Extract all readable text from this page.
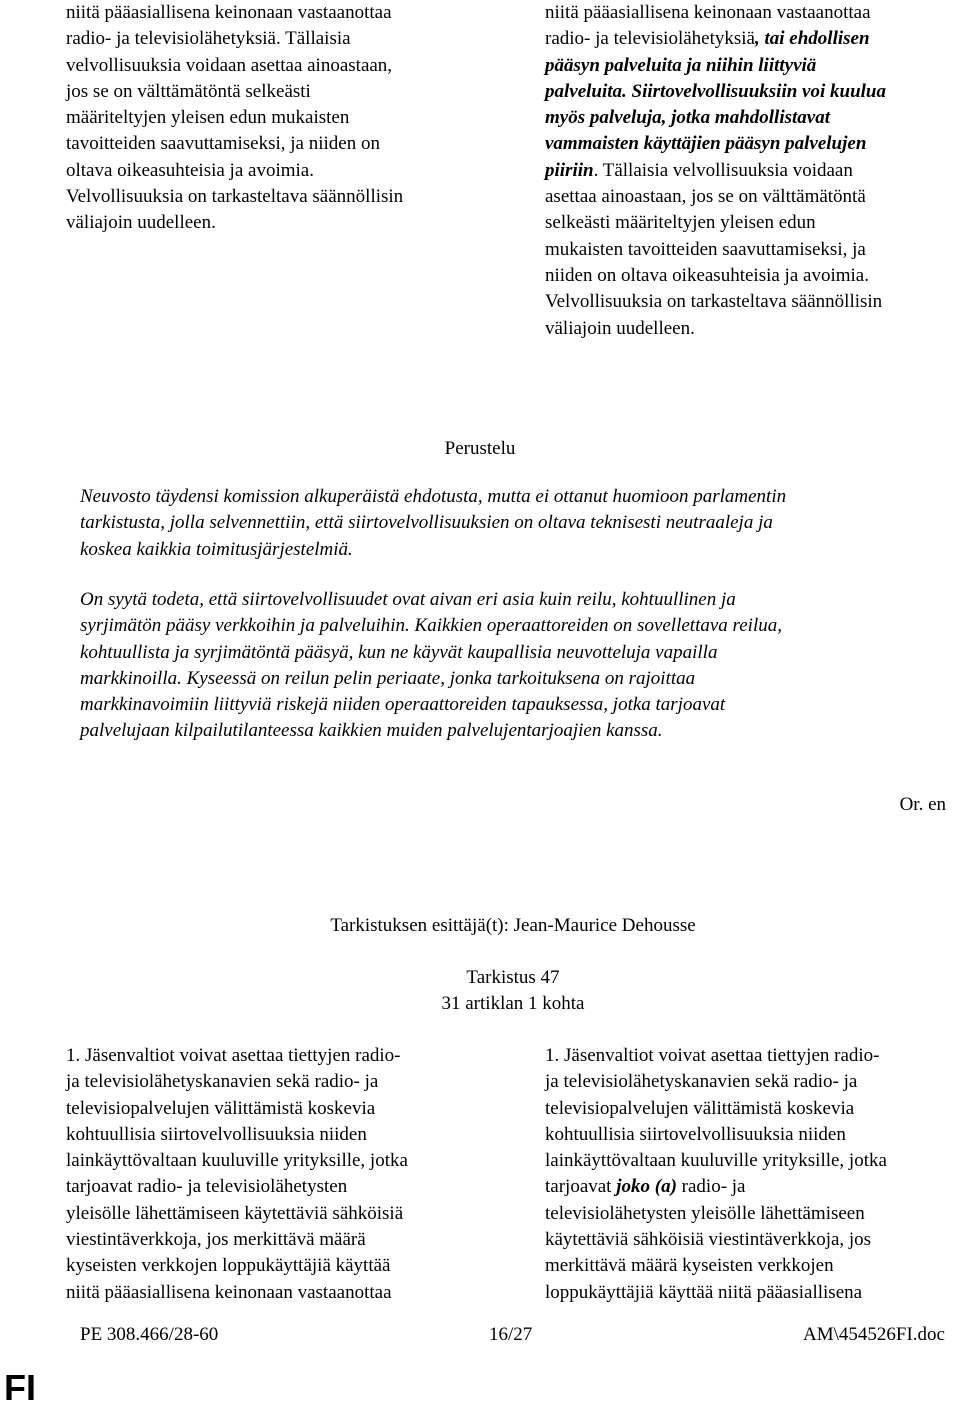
niitä pääasiallisena keinonaan vastaanottaa
radio- ja televisiolähetyksiä. Tällaisia
velvollisuuksia voidaan asettaa ainoastaan,
jos se on välttämätöntä selkeästi
määriteltyjen yleisen edun mukaisten
tavoitteiden saavuttamiseksi, ja niiden on
oltava oikeasuhteisia ja avoimia.
Velvollisuuksia on tarkasteltava säännöllisin
väliajoin uudelleen.
niitä pääasiallisena keinonaan vastaanottaa
radio- ja televisiolähetyksiä, tai ehdollisen
pääsyn palveluita ja niihin liittyviä
palveluita. Siirtovelvollisuuksiin voi kuulua
myös palveluja, jotka mahdollistavat
vammaisten käyttäjien pääsyn palvelujen
piiriin. Tällaisia velvollisuuksia voidaan
asettaa ainoastaan, jos se on välttämätöntä
selkeästi määriteltyjen yleisen edun
mukaisten tavoitteiden saavuttamiseksi, ja
niiden on oltava oikeasuhteisia ja avoimia.
Velvollisuuksia on tarkasteltava säännöllisin
väliajoin uudelleen.
Perustelu
Neuvosto täydensi komission alkuperäistä ehdotusta, mutta ei ottanut huomioon parlamentin
tarkistusta, jolla selvennettiin, että siirtovelvollisuuksien on oltava teknisesti neutraaleja ja
koskea kaikkia toimitusjärjestelmiä.
On syytä todeta, että siirtovelvollisuudet ovat aivan eri asia kuin reilu, kohtuullinen ja
syrjimätön pääsy verkkoihin ja palveluihin. Kaikkien operaattoreiden on sovellettava reilua,
kohtuullista ja syrjimätöntä pääsyä, kun ne käyvät kaupallisia neuvotteluja vapailla
markkinoilla. Kyseessä on reilun pelin periaate, jonka tarkoituksena on rajoittaa
markkinavoimiin liittyviä riskejä niiden operaattoreiden tapauksessa, jotka tarjoavat
palvelujaan kilpailutilanteessa kaikkien muiden palvelujentarjoajien kanssa.
Or. en
Tarkistuksen esittäjä(t): Jean-Maurice Dehousse
Tarkistus 47
31 artiklan 1 kohta
1. Jäsenvaltiot voivat asettaa tiettyjen radio-
ja televisiolähetyskanavien sekä radio- ja
televisiopalvelujen välittämistä koskevia
kohtuullisia siirtovelvollisuuksia niiden
lainkäyttövaltaan kuuluville yrityksille, jotka
tarjoavat radio- ja televisiolähetysten
yleisölle lähettämiseen käytettäviä sähköisiä
viestintäverkkoja, jos merkittävä määrä
kyseisten verkkojen loppukäyttäjiä käyttää
niitä pääasiallisena keinonaan vastaanottaa
1. Jäsenvaltiot voivat asettaa tiettyjen radio-
ja televisiolähetyskanavien sekä radio- ja
televisiopalvelujen välittämistä koskevia
kohtuullisia siirtovelvollisuuksia niiden
lainkäyttövaltaan kuuluville yrityksille, jotka
tarjoavat joko (a) radio- ja
televisiolähetysten yleisölle lähettämiseen
käytettäviä sähköisiä viestintäverkkoja, jos
merkittävä määrä kyseisten verkkojen
loppukäyttäjiä käyttää niitä pääasiallisena
PE 308.466/28-60	16/27	AM\454526FI.doc
FI
